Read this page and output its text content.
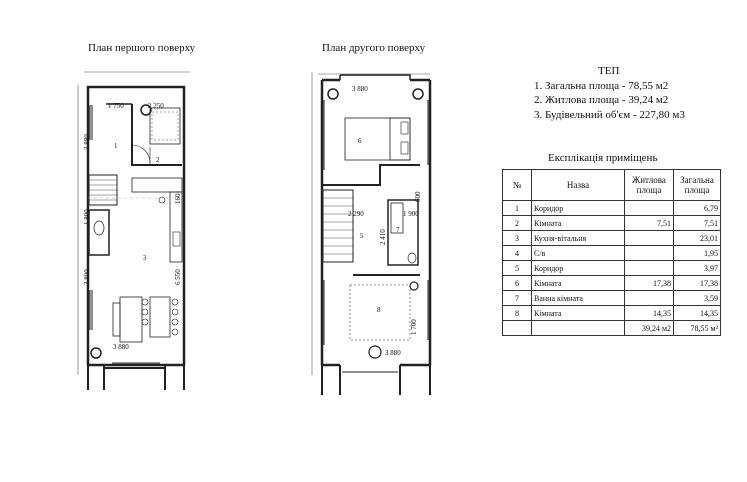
План першого поверху	План другого поверху
1 750	2 250
3 880
3 800
1 800
6 550
3 880
160
1
2
3
3 880
2 290
2 410
1 900
600
1 700
3 880
6
5
7
8
ТЕП
1. Загальна площа - 78,55 м2
2. Житлова площа - 39,24 м2
3. Будівельний об'єм - 227,80 м3
Експлікація приміщень
№	Назва	Житлова площа	Загальна площа
1	Коридор		6,79
2	Кімната	7,51	7,51
3	Кухня-вітальня		23,01
4	С/в		1,95
5	Коридор		3,97
6	Кімната	17,38	17,38
7	Ванна кімната		3,59
8	Кімната	14,35	14,35
		39,24 м2	78,55 м²
